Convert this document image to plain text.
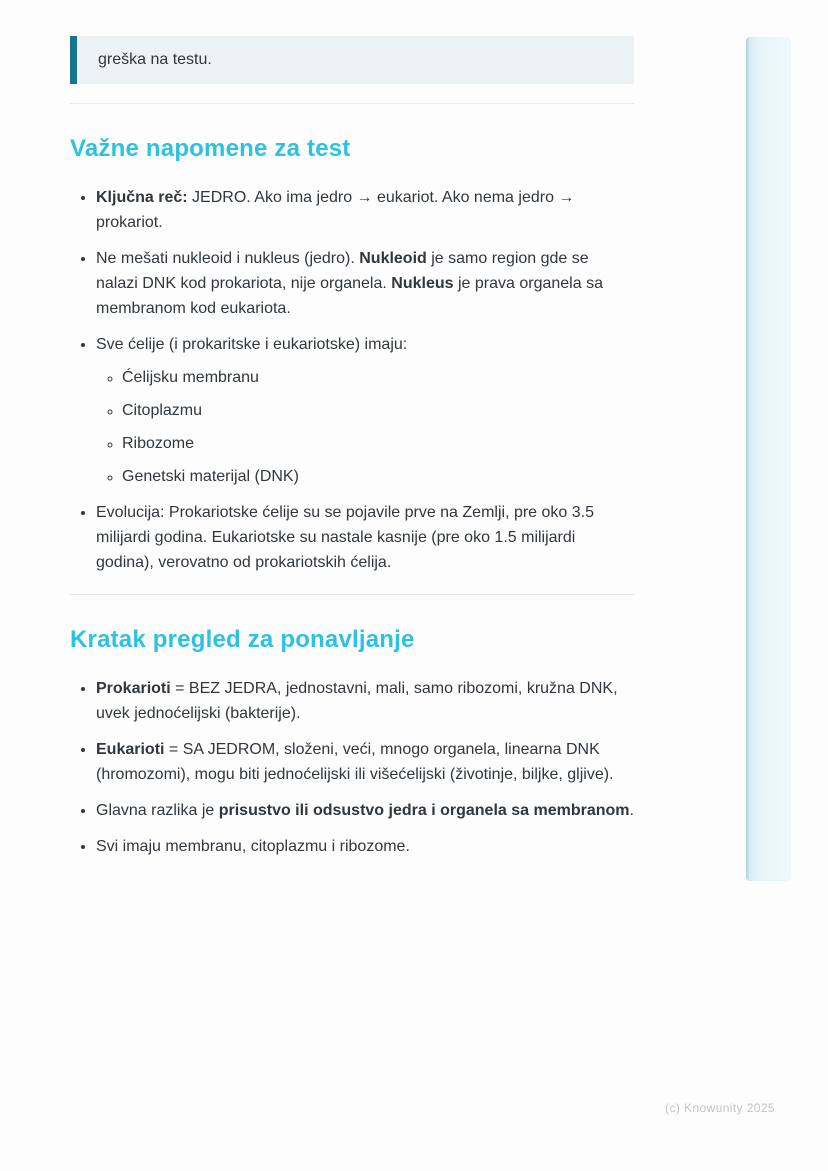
greška na testu.
Važne napomene za test
• Ključna reč: JEDRO. Ako ima jedro → eukariot. Ako nema jedro → prokariot.
• Ne mešati nukleoid i nukleus (jedro). Nukleoid je samo region gde se nalazi DNK kod prokariota, nije organela. Nukleus je prava organela sa membranom kod eukariota.
• Sve ćelije (i prokaritske i eukariotske) imaju:
◦ Ćelijsku membranu
◦ Citoplazmu
◦ Ribozome
◦ Genetski materijal (DNK)
• Evolucija: Prokariotske ćelije su se pojavile prve na Zemlji, pre oko 3.5 milijardi godina. Eukariotske su nastale kasnije (pre oko 1.5 milijardi godina), verovatno od prokariotskih ćelija.
Kratak pregled za ponavljanje
• Prokarioti = BEZ JEDRA, jednostavni, mali, samo ribozomi, kružna DNK, uvek jednoćelijski (bakterije).
• Eukarioti = SA JEDROM, složeni, veći, mnogo organela, linearna DNK (hromozomi), mogu biti jednoćelijski ili višećelijski (životinje, biljke, gljive).
• Glavna razlika je prisustvo ili odsustvo jedra i organela sa membranom.
• Svi imaju membranu, citoplazmu i ribozome.
(c) Knowunity 2025
